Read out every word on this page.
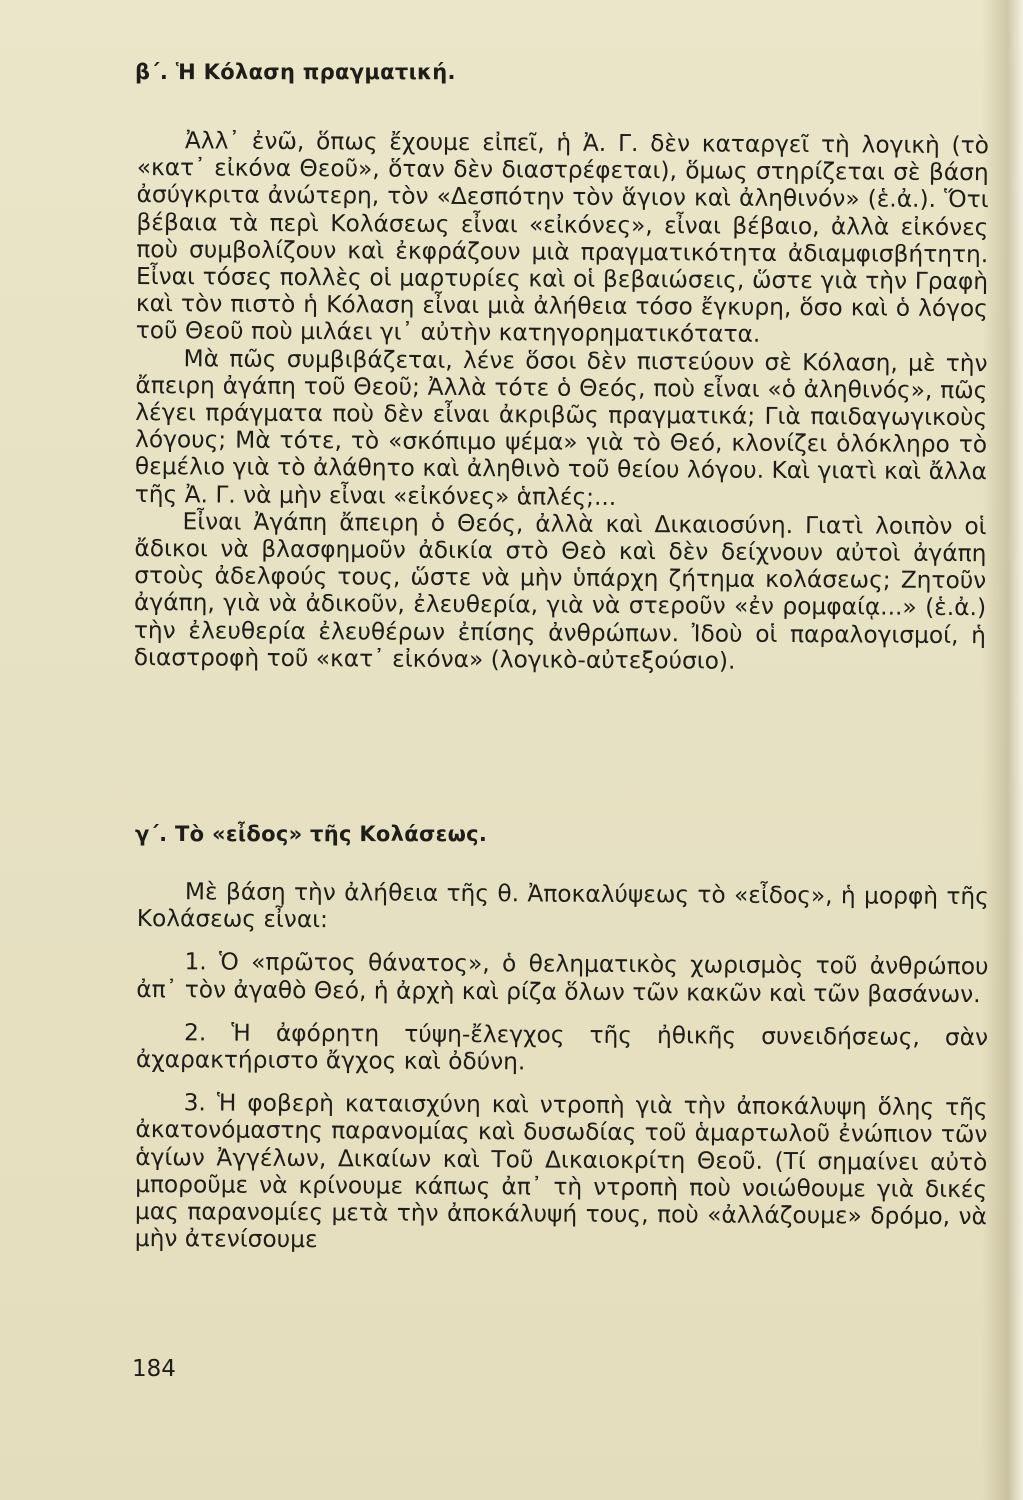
β΄. Ἡ Κόλαση πραγματική.

Ἀλλ᾽ ἐνῶ, ὅπως ἔχουμε εἰπεῖ, ἡ Ἀ. Γ. δὲν καταργεῖ τὴ λογικὴ (τὸ «κατ᾽ εἰκόνα Θεοῦ», ὅταν δὲν διαστρέφεται), ὅμως στηρίζεται σὲ βάση ἀσύγκριτα ἀνώτερη, τὸν «Δεσπότην τὸν ἅγιον καὶ ἀληθινόν» (ἑ.ἀ.). Ὅτι βέβαια τὰ περὶ Κολάσεως εἶναι «εἰκόνες», εἶναι βέβαιο, ἀλλὰ εἰκόνες ποὺ συμβολίζουν καὶ ἐκφράζουν μιὰ πραγματικότητα ἀδιαμφισβήτητη. Εἶναι τόσες πολλὲς οἱ μαρτυρίες καὶ οἱ βεβαιώσεις, ὥστε γιὰ τὴν Γραφὴ καὶ τὸν πιστὸ ἡ Κόλαση εἶναι μιὰ ἀλήθεια τόσο ἔγκυρη, ὅσο καὶ ὁ λόγος τοῦ Θεοῦ ποὺ μιλάει γι᾽ αὐτὴν κατηγορηματικότατα.

Μὰ πῶς συμβιβάζεται, λένε ὅσοι δὲν πιστεύουν σὲ Κόλαση, μὲ τὴν ἄπειρη ἀγάπη τοῦ Θεοῦ; Ἀλλὰ τότε ὁ Θεός, ποὺ εἶναι «ὁ ἀληθινός», πῶς λέγει πράγματα ποὺ δὲν εἶναι ἀκριβῶς πραγματικά; Γιὰ παιδαγωγικοὺς λόγους; Μὰ τότε, τὸ «σκόπιμο ψέμα» γιὰ τὸ Θεό, κλονίζει ὁλόκληρο τὸ θεμέλιο γιὰ τὸ ἀλάθητο καὶ ἀληθινὸ τοῦ θείου λόγου. Καὶ γιατὶ καὶ ἄλλα τῆς Ἀ. Γ. νὰ μὴν εἶναι «εἰκόνες» ἁπλές;...

Εἶναι Ἀγάπη ἄπειρη ὁ Θεός, ἀλλὰ καὶ Δικαιοσύνη. Γιατὶ λοιπὸν οἱ ἄδικοι νὰ βλασφημοῦν ἀδικία στὸ Θεὸ καὶ δὲν δείχνουν αὐτοὶ ἀγάπη στοὺς ἀδελφούς τους, ὥστε νὰ μὴν ὑπάρχη ζήτημα κολάσεως; Ζητοῦν ἀγάπη, γιὰ νὰ ἀδικοῦν, ἐλευθερία, γιὰ νὰ στεροῦν «ἐν ρομφαίᾳ...» (ἑ.ἀ.) τὴν ἐλευθερία ἐλευθέρων ἐπίσης ἀνθρώπων. Ἰδοὺ οἱ παραλογισμοί, ἡ διαστροφὴ τοῦ «κατ᾽ εἰκόνα» (λογικὸ-αὐτεξούσιο).

γ΄. Τὸ «εἶδος» τῆς Κολάσεως.

Μὲ βάση τὴν ἀλήθεια τῆς θ. Ἀποκαλύψεως τὸ «εἶδος», ἡ μορφὴ τῆς Κολάσεως εἶναι:

1. Ὁ «πρῶτος θάνατος», ὁ θεληματικὸς χωρισμὸς τοῦ ἀνθρώπου ἀπ᾽ τὸν ἀγαθὸ Θεό, ἡ ἀρχὴ καὶ ρίζα ὅλων τῶν κακῶν καὶ τῶν βασάνων.

2. Ἡ ἀφόρητη τύψη-ἔλεγχος τῆς ἠθικῆς συνειδήσεως, σὰν ἀχαρακτήριστο ἄγχος καὶ ὀδύνη.

3. Ἡ φοβερὴ καταισχύνη καὶ ντροπὴ γιὰ τὴν ἀποκάλυψη ὅλης τῆς ἀκατονόμαστης παρανομίας καὶ δυσωδίας τοῦ ἁμαρτωλοῦ ἐνώπιον τῶν ἁγίων Ἀγγέλων, Δικαίων καὶ Τοῦ Δικαιοκρίτη Θεοῦ. (Τί σημαίνει αὐτὸ μποροῦμε νὰ κρίνουμε κάπως ἀπ᾽ τὴ ντροπὴ ποὺ νοιώθουμε γιὰ δικές μας παρανομίες μετὰ τὴν ἀποκάλυψή τους, ποὺ «ἀλλάζουμε» δρόμο, νὰ μὴν ἀτενίσουμε

184
